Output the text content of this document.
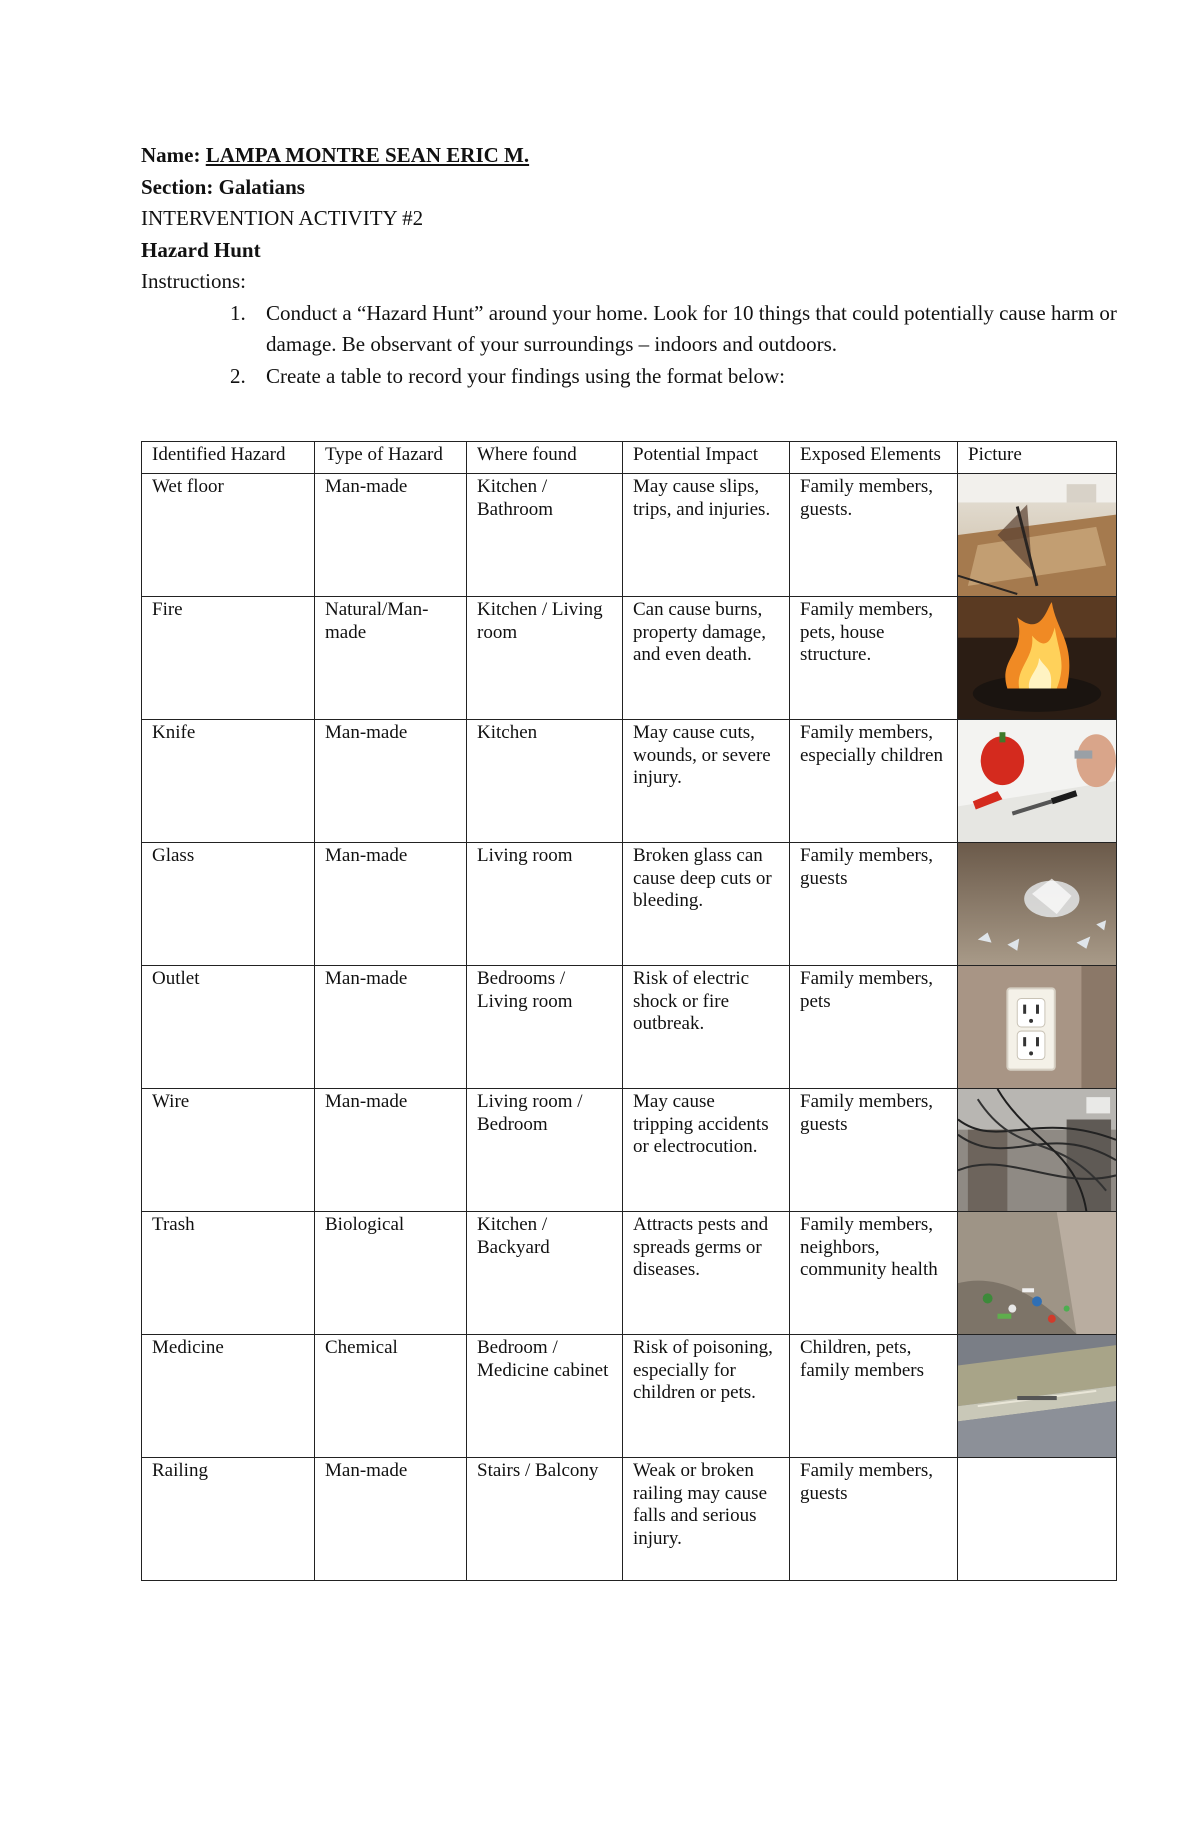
Name: LAMPA MONTRE SEAN ERIC M.
Section: Galatians
INTERVENTION ACTIVITY #2
Hazard Hunt
Instructions:
1. Conduct a “Hazard Hunt” around your home. Look for 10 things that could potentially cause harm or damage. Be observant of your surroundings – indoors and outdoors.
2. Create a table to record your findings using the format below:
Identified Hazard	Type of Hazard	Where found	Potential Impact	Exposed Elements	Picture
Wet floor	Man-made	Kitchen / Bathroom	May cause slips, trips, and injuries.	Family members, guests.	

Fire	Natural/Man-made	Kitchen / Living room	Can cause burns, property damage, and even death.	Family members, pets, house structure.	

Knife	Man-made	Kitchen	May cause cuts, wounds, or severe injury.	Family members, especially children	

Glass	Man-made	Living room	Broken glass can cause deep cuts or bleeding.	Family members, guests	

Outlet	Man-made	Bedrooms / Living room	Risk of electric shock or fire outbreak.	Family members, pets	

Wire	Man-made	Living room / Bedroom	May cause tripping accidents or electrocution.	Family members, guests	

Trash	Biological	Kitchen / Backyard	Attracts pests and spreads germs or diseases.	Family members, neighbors, community health	

Medicine	Chemical	Bedroom / Medicine cabinet	Risk of poisoning, especially for children or pets.	Children, pets, family members	

Railing	Man-made	Stairs / Balcony	Weak or broken railing may cause falls and serious injury.	Family members, guests	
